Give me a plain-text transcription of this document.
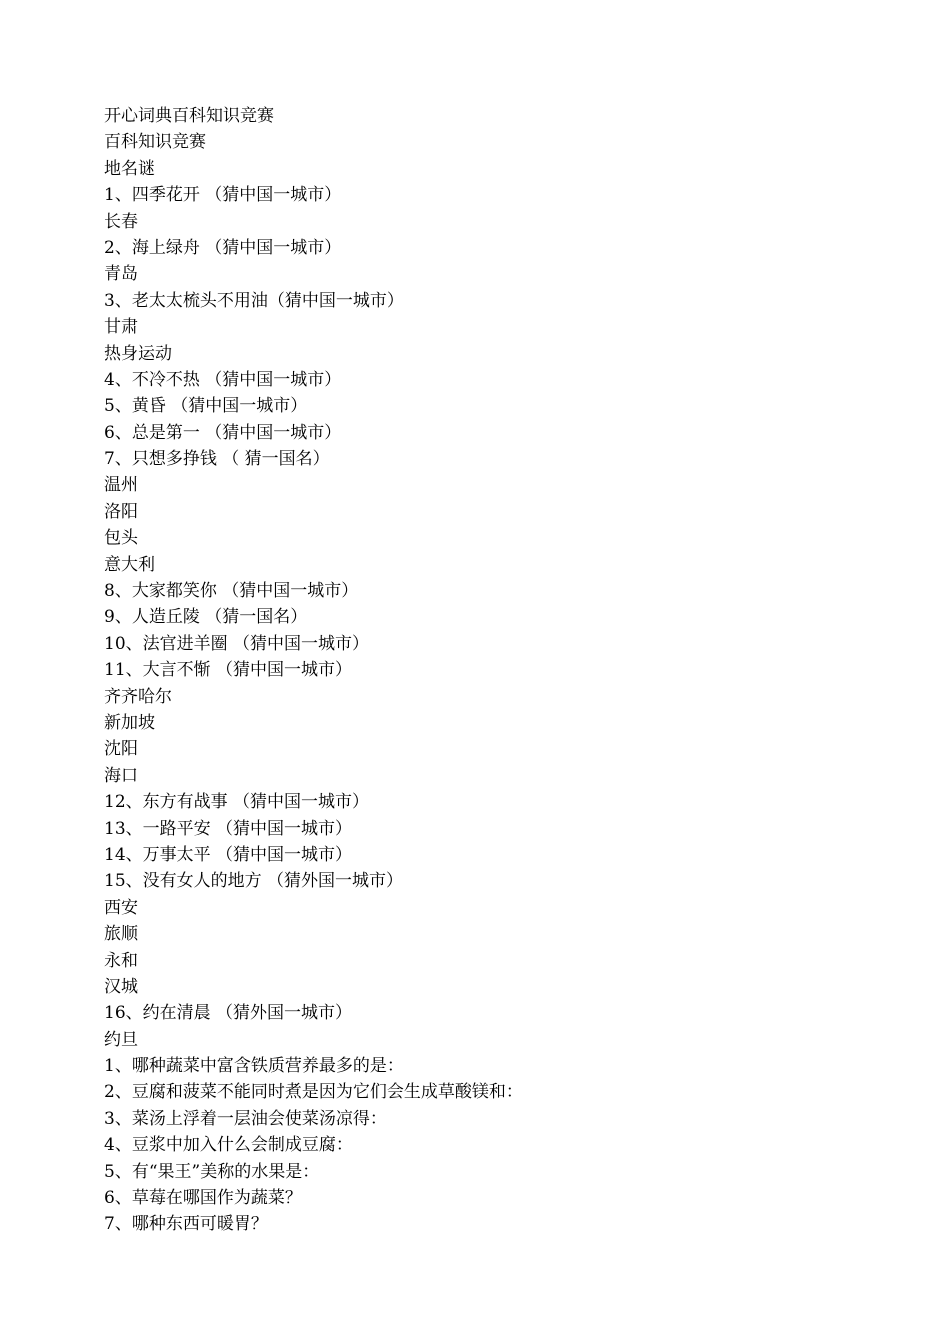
开心词典百科知识竞赛
百科知识竞赛
地名谜
1、四季花开 （猜中国一城市）
长春
2、海上绿舟 （猜中国一城市）
青岛
3、老太太梳头不用油（猜中国一城市）
甘肃
热身运动
4、不冷不热 （猜中国一城市）
5、黄昏 （猜中国一城市）
6、总是第一 （猜中国一城市）
7、只想多挣钱 （ 猜一国名）
温州
洛阳
包头
意大利
8、大家都笑你 （猜中国一城市）
9、人造丘陵 （猜一国名）
10、法官进羊圈 （猜中国一城市）
11、大言不惭 （猜中国一城市）
齐齐哈尔
新加坡
沈阳
海口
12、东方有战事 （猜中国一城市）
13、一路平安 （猜中国一城市）
14、万事太平 （猜中国一城市）
15、没有女人的地方 （猜外国一城市）
西安
旅顺
永和
汉城
16、约在清晨 （猜外国一城市）
约旦
1、哪种蔬菜中富含铁质营养最多的是：
2、豆腐和菠菜不能同时煮是因为它们会生成草酸镁和：
3、菜汤上浮着一层油会使菜汤凉得：
4、豆浆中加入什么会制成豆腐：
5、有“果王”美称的水果是：
6、草莓在哪国作为蔬菜？
7、哪种东西可暖胃？
